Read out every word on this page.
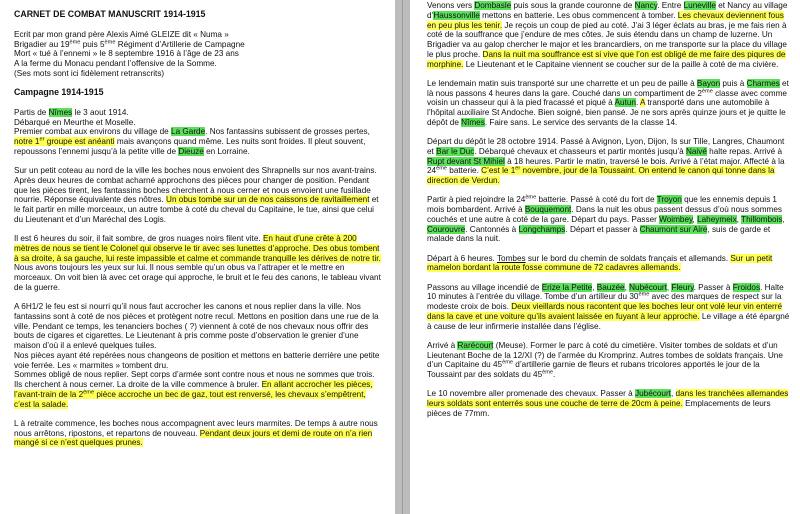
CARNET DE COMBAT MANUSCRIT 1914-1915

Ecrit par mon grand père Alexis Aimé GLEIZE dit « Numa »
Brigadier au 19ème puis 5ème Régiment d’Artillerie de Campagne
Mort « tué à l’ennemi » le 8 septembre 1916 à l’âge de 23 ans
A la ferme du Monacu pendant l’offensive de la Somme.
(Ses mots sont ici fidèlement retranscrits)

Campagne 1914-1915

Partis de Nîmes le 3 aout 1914.
Débarqué en Meurthe et Moselle.
Premier combat aux environs du village de La Garde. Nos fantassins subissent de grosses pertes, notre 1er groupe est anéanti mais avançons quand même. Les nuits sont froides. Il pleut souvent, repoussons l’ennemi jusqu’à la petite ville de Dieuze en Lorraine.

Sur un petit coteau au nord de la ville les boches nous envoient des Shrapnells sur nos avant-trains. Après deux heures de combat acharné approchons des pièces pour changer de position. Pendant que les pièces tirent, les fantassins boches cherchent à nous cerner et nous envoient une fusillade nourrie. Réponse équivalente des nôtres. Un obus tombe sur un de nos caissons de ravitaillement et le fait partir en mille morceaux, un autre tombe à coté du cheval du Capitaine, le tue, ainsi que celui du Lieutenant et d’un Maréchal des Logis.

Il est 6 heures du soir, il fait sombre, de gros nuages noirs filent vite. En haut d’une crête à 200 mètres de nous se tient le Colonel qui observe le tir avec ses lunettes d’approche. Des obus tombent à sa droite, à sa gauche, lui reste impassible et calme et commande tranquille les dérives de notre tir. Nous avons toujours les yeux sur lui. Il nous semble qu’un obus va l’attraper et le mettre en morceaux. On voit bien là avec cet orage qui approche, le bruit et le feu des canons, le tableau vivant de la guerre.

A 6H1/2 le feu est si nourri qu’il nous faut accrocher les canons et nous replier dans la ville. Nos fantassins sont à coté de nos pièces et protègent notre recul. Mettons en position dans une rue de la ville. Pendant ce temps, les tenanciers boches ( ?) viennent à coté de nos chevaux nous offrir des bouts de cigares et cigarettes. Le Lieutenant à pris comme poste d’observation le grenier d’une maison d’où il a enlevé quelques tuiles.
Nos pièces ayant été repérées nous changeons de position et mettons en batterie derrière une petite voie ferrée. Les « marmites » tombent dru.
Sommes obligé de nous replier. Sept corps d’armée sont contre nous et nous ne sommes que trois. Ils cherchent à nous cerner. La droite de la ville commence à bruler. En allant accrocher les pièces, l’avant-train de la 2ème pièce accroche un bec de gaz, tout est renversé, les chevaux s’empêtrent, c’est la salade.

L à retraite commence, les boches nous accompagnent avec leurs marmites. De temps à autre nous nous arrêtons, ripostons, et repartons de nouveau. Pendant deux jours et demi de route on n’a rien mangé si ce n’est quelques prunes.

Venons vers Dombasle puis sous la grande couronne de Nancy. Entre Luneville et Nancy au village d’Haussonville mettons en batterie. Les obus commencent à tomber. Les chevaux deviennent fous en peu plus les tenir. Je reçois un coup de pied au coté. J’ai 3 léger éclats au bras, je me fais rien à coté de la souffrance que j’endure de mes côtes. Je suis étendu dans un champ de luzerne. Un Brigadier va au galop chercher le major et les brancardiers, on me transporte sur la place du village le plus proche. Dans la nuit ma souffrance est si vive que l’on est obligé de me faire des piqures de morphine. Le Lieutenant et le Capitaine viennent se coucher sur de la paille à coté de ma civière.

Le lendemain matin suis transporté sur une charrette et un peu de paille à Bayon puis à Charmes et là nous passons 4 heures dans la gare. Couché dans un compartiment de 2ème classe avec comme voisin un chasseur qui à la pied fracassé et piqué à Autun. A transporté dans une automobile à l’hôpital auxiliaire St Andoche. Bien soigné, bien pansé. Je ne sors après quinze jours et je quitte le dépôt de Nîmes. Faire sans. Le service des servants de la classe 14.

Départ du dépôt le 28 octobre 1914. Passé à Avignon, Lyon, Dijon, Is sur Tille, Langres, Chaumont et Bar le Duc. Débarqué chevaux et chasseurs et partir montés jusqu’à Naivé halte repas. Arrivé à Rupt devant St Mihiel à 18 heures. Partir le matin, traversé le bois. Arrivé à l’état major. Affecté à la 24ème batterie. C’est le 1er novembre, jour de la Toussaint. On entend le canon qui tonne dans la direction de Verdun.

Partir à pied rejoindre la 24ème batterie. Passé à coté du fort de Troyon que les ennemis depuis 1 mois bombardent. Arrivé à Bouquemont. Dans la nuit les obus passent dessus d’où nous sommes couchés et une autre à coté de la gare. Départ du pays. Passer Woimbey, Laheymeix, Thillombois, Courouvre. Cantonnés à Longchamps. Départ et passer à Chaumont sur Aire, suis de garde et malade dans la nuit.

Départ à 6 heures. Tombes sur le bord du chemin de soldats français et allemands. Sur un petit mamelon bordant la route fosse commune de 72 cadavres allemands.

Passons au village incendié de Erize la Petite, Bauzée, Nubécourt, Fleury. Passer à Froidos. Halte 10 minutes à l’entrée du village. Tombe d’un artilleur du 30ème avec des marques de respect sur la modeste croix de bois. Deux vieillards nous racontent que les boches leur ont volé leur vin enterré dans la cave et une voiture qu’ils avaient laissée en fuyant à leur approche. Le village a été épargné à cause de leur infirmerie installée dans l’église.

Arrivé à Rarécourt (Meuse). Former le parc à coté du cimetière. Visiter tombes de soldats et d’un Lieutenant Boche de la 12/XI (?) de l’armée du Kromprinz. Autres tombes de soldats français. Une d’un Capitaine du 45ème d’artillerie garnie de fleurs et rubans tricolores apportés le jour de la Toussaint par des soldats du 45ème.

Le 10 novembre aller promenade des chevaux. Passer à Jubécourt, dans les tranchées allemandes leurs soldats sont enterrés sous une couche de terre de 20cm à peine. Emplacements de leurs pièces de 77mm.
